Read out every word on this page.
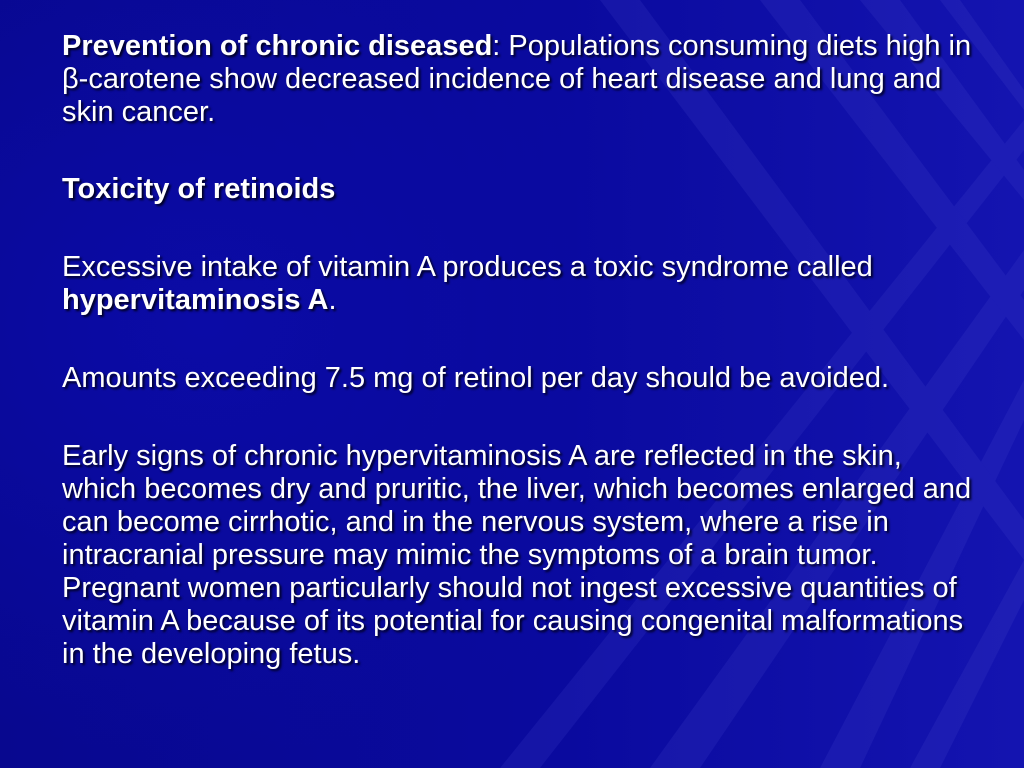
Prevention of chronic diseased: Populations consuming diets high in β-carotene show decreased incidence of heart disease and lung and skin cancer.

Toxicity of retinoids

Excessive intake of vitamin A produces a toxic syndrome called hypervitaminosis A.

Amounts exceeding 7.5 mg of retinol per day should be avoided.

Early signs of chronic hypervitaminosis A are reflected in the skin, which becomes dry and pruritic, the liver, which becomes enlarged and can become cirrhotic, and in the nervous system, where a rise in intracranial pressure may mimic the symptoms of a brain tumor. Pregnant women particularly should not ingest excessive quantities of vitamin A because of its potential for causing congenital malformations in the developing fetus.
